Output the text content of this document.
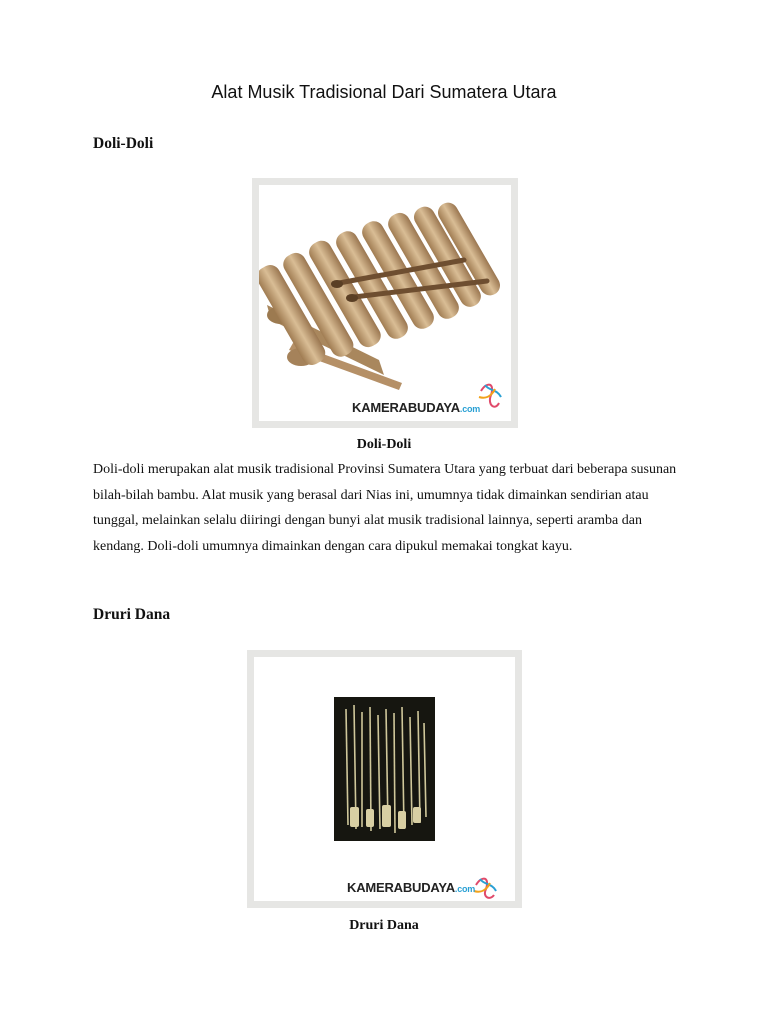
Alat Musik Tradisional Dari Sumatera Utara
Doli-Doli
KAMERABUDAYA.com
Doli-Doli
Doli-doli merupakan alat musik tradisional Provinsi Sumatera Utara yang terbuat dari beberapa susunan bilah-bilah bambu. Alat musik yang berasal dari Nias ini, umumnya tidak dimainkan sendirian atau tunggal, melainkan selalu diiringi dengan bunyi alat musik tradisional lainnya, seperti aramba dan kendang. Doli-doli umumnya dimainkan dengan cara dipukul memakai tongkat kayu.
Druri Dana
KAMERABUDAYA.com
Druri Dana
